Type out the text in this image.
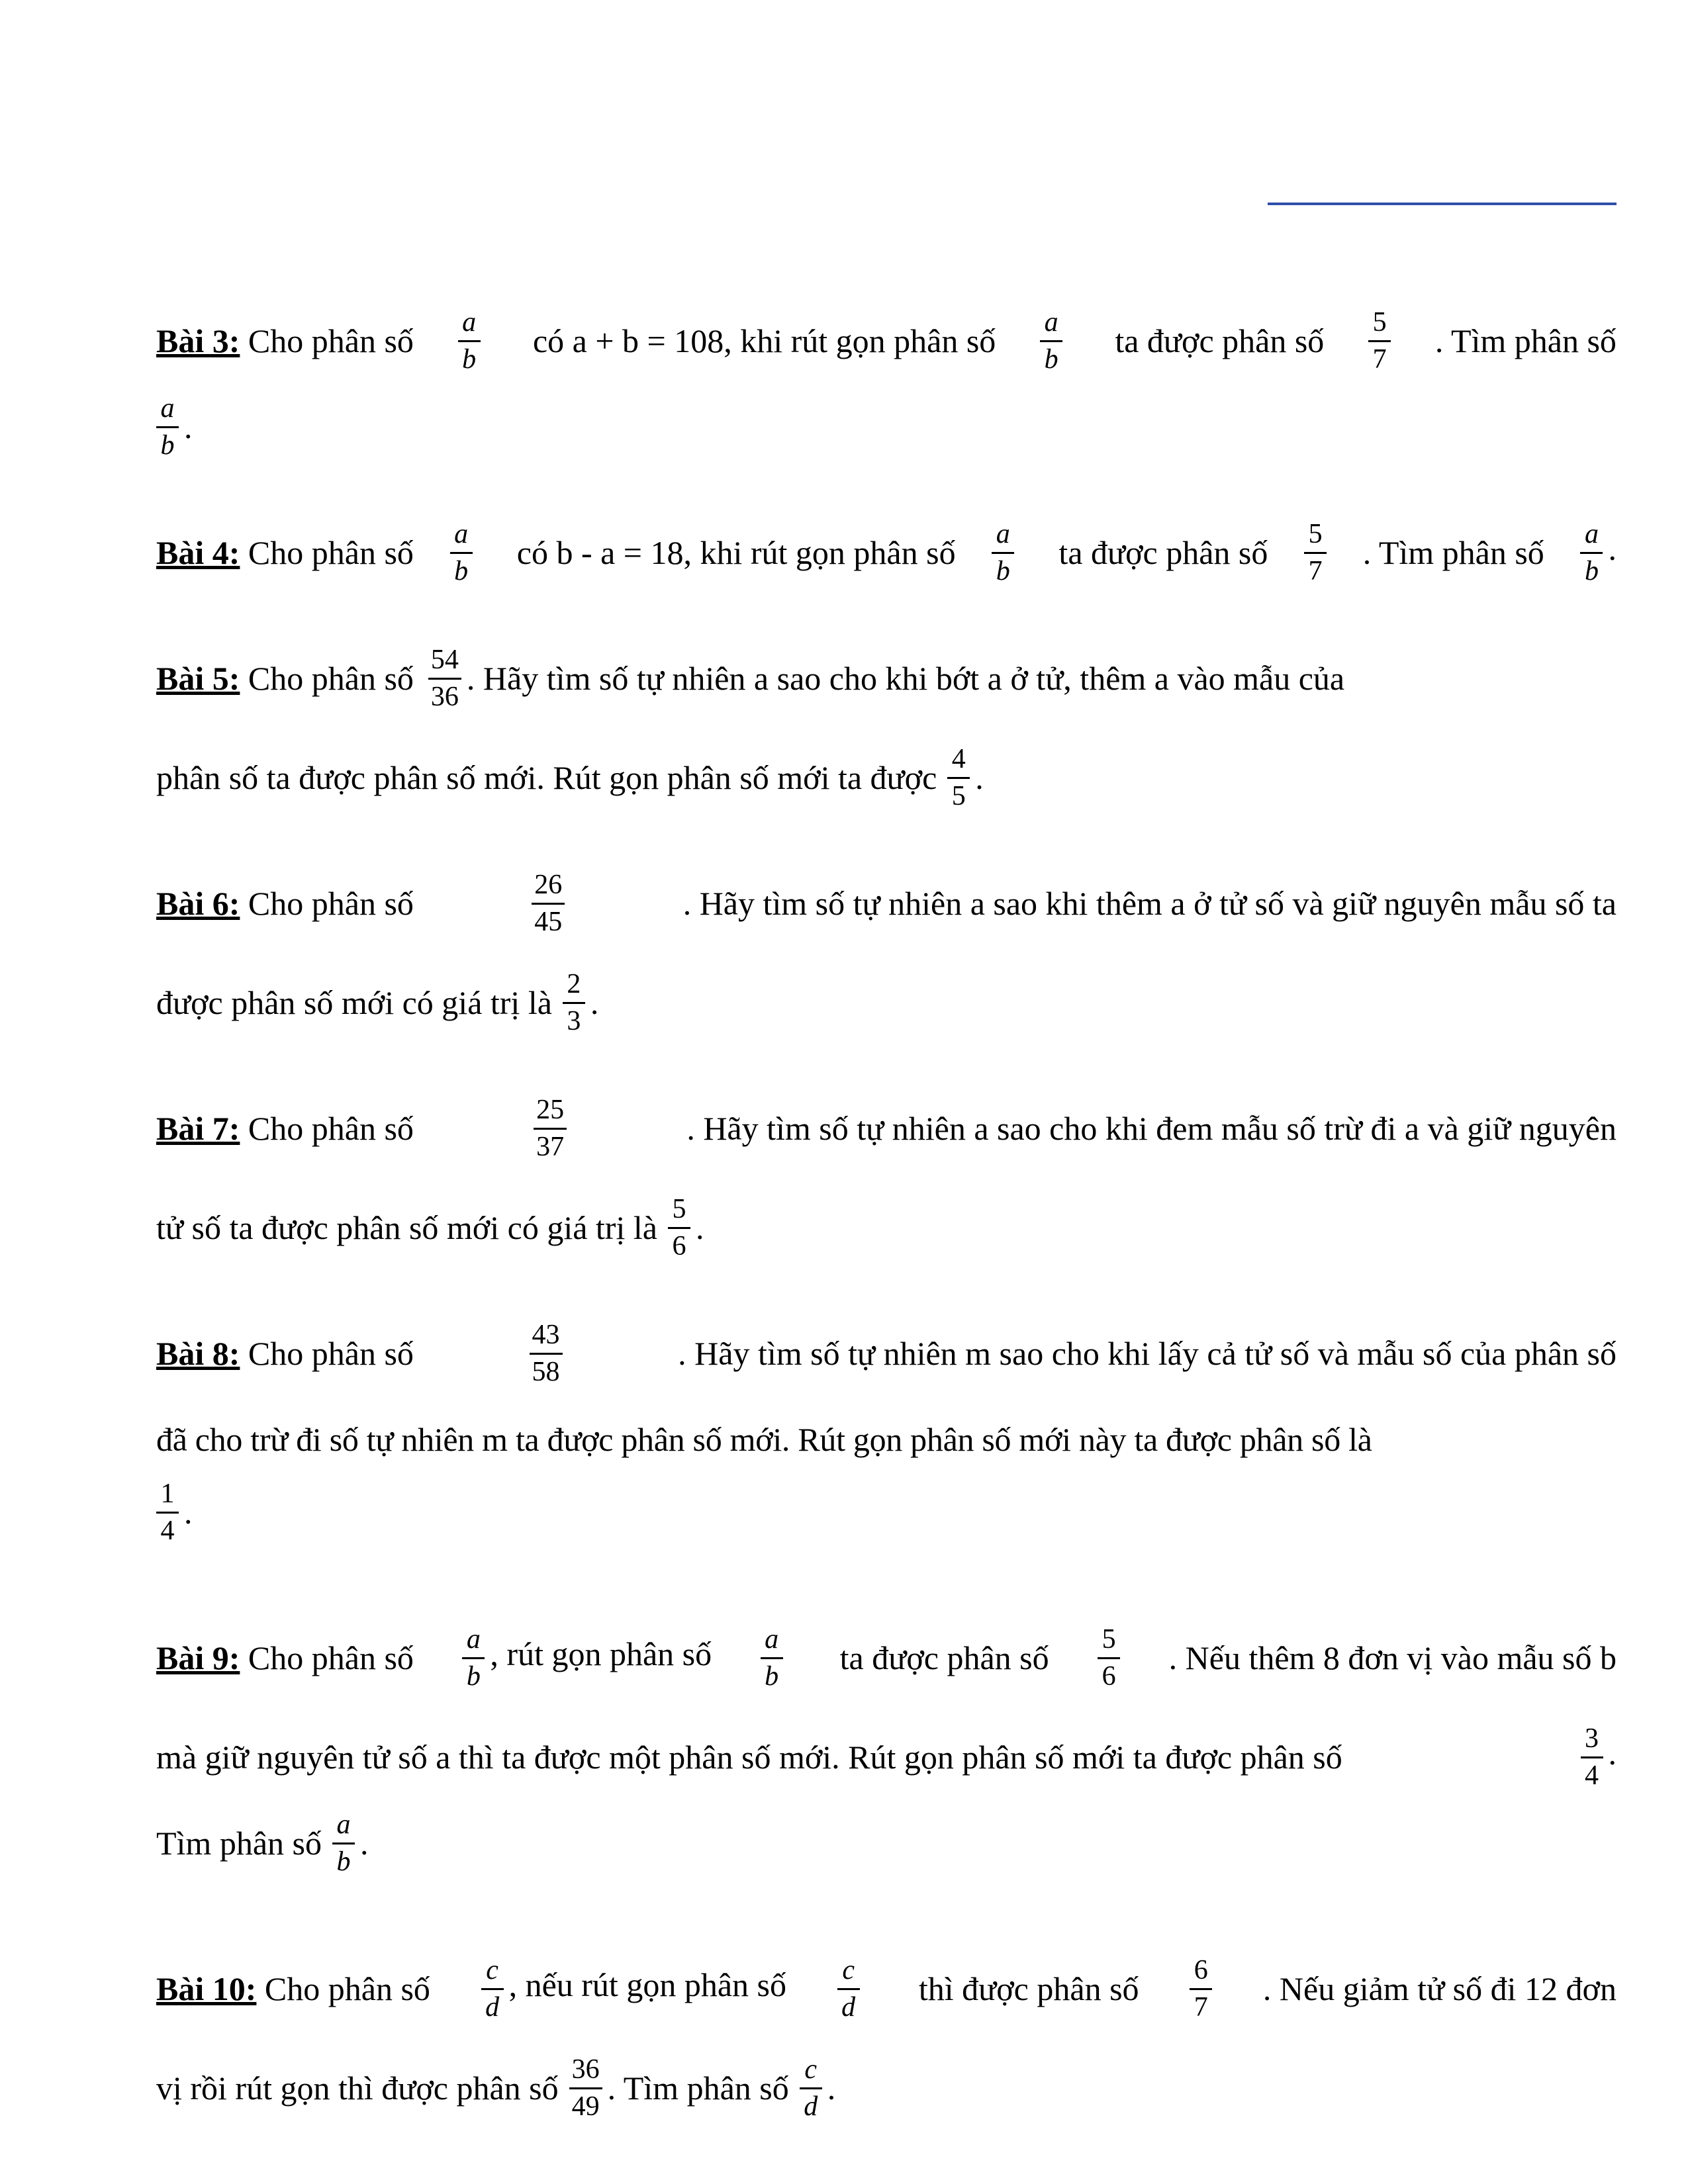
Bài 3: Cho phân số $\frac{a}{b}$ có a + b = 108, khi rút gọn phân số $\frac{a}{b}$ ta được phân số $\frac{5}{7}$ . Tìm phân số
$\frac{a}{b}$ .
Bài 4: Cho phân số $\frac{a}{b}$ có b - a = 18, khi rút gọn phân số $\frac{a}{b}$ ta được phân số $\frac{5}{7}$ . Tìm phân số $\frac{a}{b}$ .
Bài 5: Cho phân số $\frac{54}{36}$ . Hãy tìm số tự nhiên a sao cho khi bớt a ở tử, thêm a vào mẫu của
phân số ta được phân số mới. Rút gọn phân số mới ta được $\frac{4}{5}$ .
Bài 6: Cho phân số	$\frac{26}{45}$	. Hãy tìm số tự nhiên a sao khi thêm a ở tử số và giữ nguyên mẫu số ta
được phân số mới có giá trị là $\frac{2}{3}$ .
Bài 7: Cho phân số	$\frac{25}{37}$	. Hãy tìm số tự nhiên a sao cho khi đem mẫu số trừ đi a và giữ nguyên
tử số ta được phân số mới có giá trị là $\frac{5}{6}$ .
Bài 8: Cho phân số	$\frac{43}{58}$	. Hãy tìm số tự nhiên m sao cho khi lấy cả tử số và mẫu số của phân số
đã cho trừ đi số tự nhiên m ta được phân số mới. Rút gọn phân số mới này ta được phân số là
$\frac{1}{4}$ .
Bài 9: Cho phân số $\frac{a}{b}$ , rút gọn phân số $\frac{a}{b}$ ta được phân số $\frac{5}{6}$ . Nếu thêm 8 đơn vị vào mẫu số b
mà giữ nguyên tử số a thì ta được một phân số mới. Rút gọn phân số mới ta được phân số	$\frac{3}{4}$ .
Tìm phân số $\frac{a}{b}$ .
Bài 10: Cho phân số $\frac{c}{d}$ , nếu rút gọn phân số $\frac{c}{d}$ thì được phân số $\frac{6}{7}$ . Nếu giảm tử số đi 12 đơn
vị rồi rút gọn thì được phân số $\frac{36}{49}$ . Tìm phân số $\frac{c}{d}$ .
